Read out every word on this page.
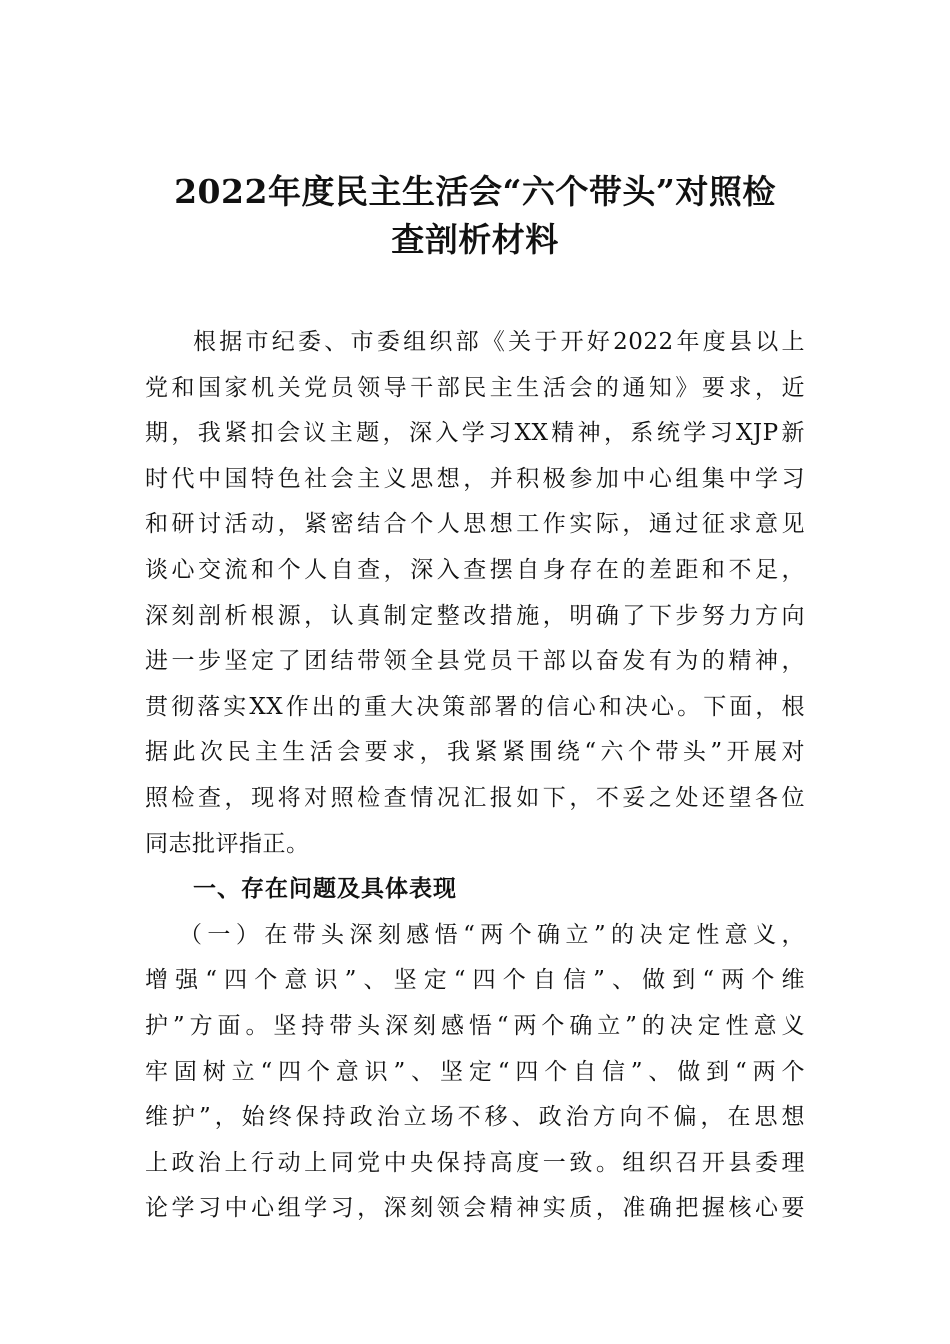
2022年度民主生活会“六个带头”对照检
查剖析材料
根据市纪委、市委组织部《关于开好2022年度县以上
党和国家机关党员领导干部民主生活会的通知》要求，近
期，我紧扣会议主题，深入学习XX精神，系统学习XJP新
时代中国特色社会主义思想，并积极参加中心组集中学习
和研讨活动，紧密结合个人思想工作实际，通过征求意见
谈心交流和个人自查，深入查摆自身存在的差距和不足，
深刻剖析根源，认真制定整改措施，明确了下步努力方向
进一步坚定了团结带领全县党员干部以奋发有为的精神，
贯彻落实XX作出的重大决策部署的信心和决心。下面，根
据此次民主生活会要求，我紧紧围绕“六个带头”开展对
照检查，现将对照检查情况汇报如下，不妥之处还望各位
同志批评指正。
一、存在问题及具体表现
（一）在带头深刻感悟“两个确立”的决定性意义，
增强“四个意识”、坚定“四个自信”、做到“两个维
护”方面。坚持带头深刻感悟“两个确立”的决定性意义
牢固树立“四个意识”、坚定“四个自信”、做到“两个
维护”，始终保持政治立场不移、政治方向不偏，在思想
上政治上行动上同党中央保持高度一致。组织召开县委理
论学习中心组学习，深刻领会精神实质，准确把握核心要
